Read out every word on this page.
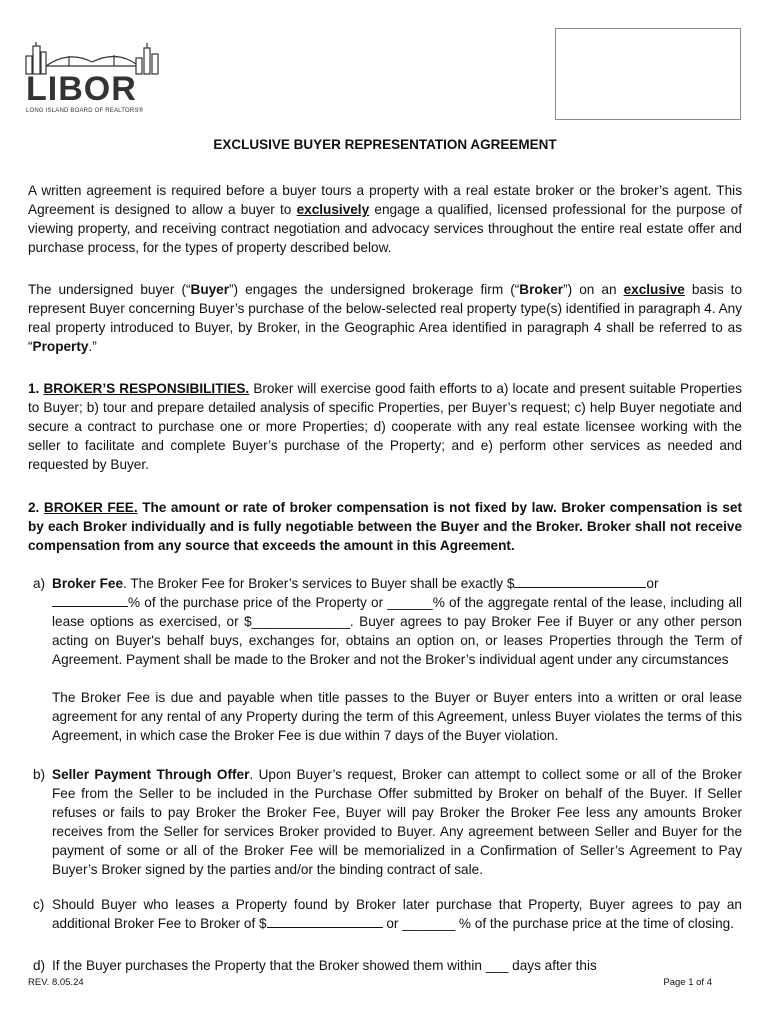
LIBOR
LONG ISLAND BOARD OF REALTORS®
EXCLUSIVE BUYER REPRESENTATION AGREEMENT

A written agreement is required before a buyer tours a property with a real estate broker or the broker’s agent. This Agreement is designed to allow a buyer to exclusively engage a qualified, licensed professional for the purpose of viewing property, and receiving contract negotiation and advocacy services throughout the entire real estate offer and purchase process, for the types of property described below.

The undersigned buyer (“Buyer”) engages the undersigned brokerage firm (“Broker”) on an exclusive basis to represent Buyer concerning Buyer’s purchase of the below-selected real property type(s) identified in paragraph 4. Any real property introduced to Buyer, by Broker, in the Geographic Area identified in paragraph 4 shall be referred to as “Property.”

1. BROKER’S RESPONSIBILITIES. Broker will exercise good faith efforts to a) locate and present suitable Properties to Buyer; b) tour and prepare detailed analysis of specific Properties, per Buyer’s request; c) help Buyer negotiate and secure a contract to purchase one or more Properties; d) cooperate with any real estate licensee working with the seller to facilitate and complete Buyer’s purchase of the Property; and e) perform other services as needed and requested by Buyer.

2. BROKER FEE. The amount or rate of broker compensation is not fixed by law. Broker compensation is set by each Broker individually and is fully negotiable between the Buyer and the Broker. Broker shall not receive compensation from any source that exceeds the amount in this Agreement.

a) Broker Fee. The Broker Fee for Broker’s services to Buyer shall be exactly $	or
% of the purchase price of the Property or ______% of the aggregate rental of the lease, including all lease options as exercised, or $_____________. Buyer agrees to pay Broker Fee if Buyer or any other person acting on Buyer's behalf buys, exchanges for, obtains an option on, or leases Properties through the Term of Agreement. Payment shall be made to the Broker and not the Broker’s individual agent under any circumstances

The Broker Fee is due and payable when title passes to the Buyer or Buyer enters into a written or oral lease agreement for any rental of any Property during the term of this Agreement, unless Buyer violates the terms of this Agreement, in which case the Broker Fee is due within 7 days of the Buyer violation.

b) Seller Payment Through Offer. Upon Buyer’s request, Broker can attempt to collect some or all of the Broker Fee from the Seller to be included in the Purchase Offer submitted by Broker on behalf of the Buyer. If Seller refuses or fails to pay Broker the Broker Fee, Buyer will pay Broker the Broker Fee less any amounts Broker receives from the Seller for services Broker provided to Buyer. Any agreement between Seller and Buyer for the payment of some or all of the Broker Fee will be memorialized in a Confirmation of Seller’s Agreement to Pay Buyer’s Broker signed by the parties and/or the binding contract of sale.

c) Should Buyer who leases a Property found by Broker later purchase that Property, Buyer agrees to pay an additional Broker Fee to Broker of $	or _______ % of the purchase price at the time of closing.

d) If the Buyer purchases the Property that the Broker showed them within ___ days after this

REV. 8.05.24	Page 1 of 4
